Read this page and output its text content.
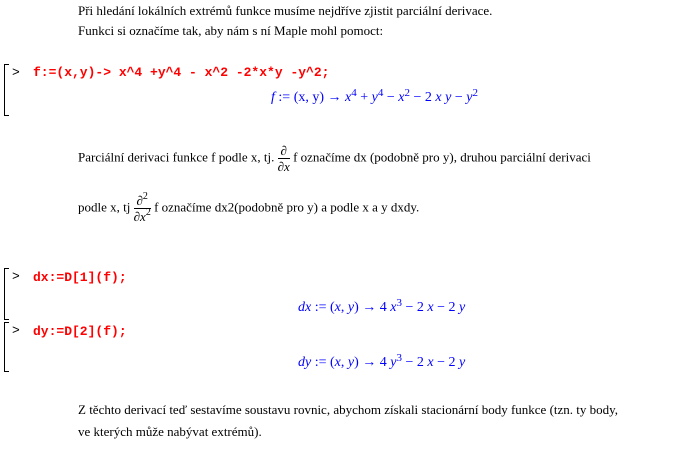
Při hledání lokálních extrémů funkce musíme nejdříve zjistit parciální derivace.
Funkci si označíme tak, aby nám s ní Maple mohl pomoct:
> f:=(x,y)-> x^4 +y^4 - x^2 -2*x*y -y^2;
f := (x, $y) \to x^4 + y^4 - x^2 - 2$ x $y - y^2$
Parciální derivaci funkce f podle x, tj. $\frac{\partial}{\partial x}$ f označíme dx (podobně pro y), druhou parciální derivaci
podle x, tj $\frac{\partial^2}{\partial x^2}$ f označíme dx2(podobně pro y) a podle x a y dxdy.
> dx:=D[1](f);
> dy:=D[2](f);
dx := (x, y) → 4 $x^3 - 2$ x − 2 y
dy := (x, y) → 4 $y^3 - 2$ x − 2 y
Z těchto derivací teď sestavíme soustavu rovnic, abychom získali stacionární body funkce (tzn. ty body,
ve kterých může nabývat extrémů).
